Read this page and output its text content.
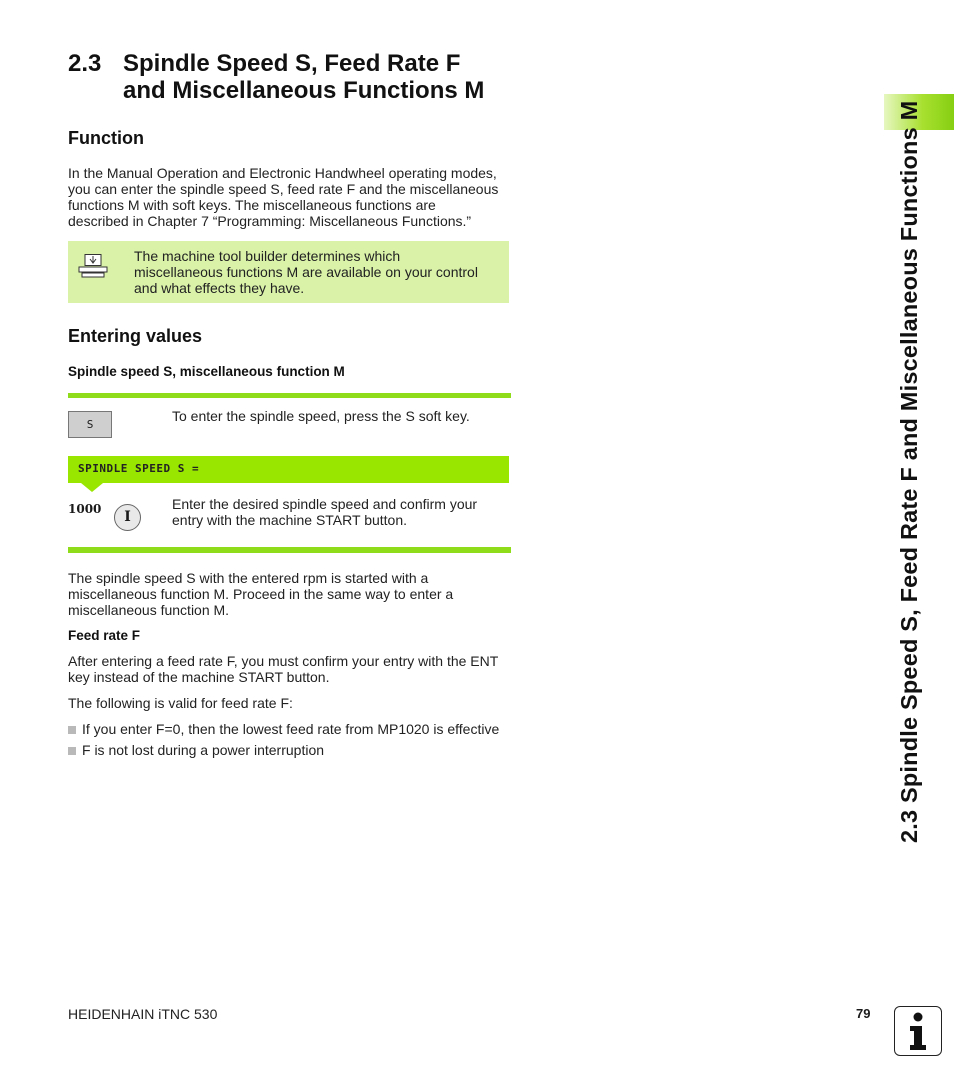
2.3 Spindle Speed S, Feed Rate F
and Miscellaneous Functions M
Function
In the Manual Operation and Electronic Handwheel operating modes,
you can enter the spindle speed S, feed rate F and the miscellaneous
functions M with soft keys. The miscellaneous functions are
described in Chapter 7 “Programming: Miscellaneous Functions.”
The machine tool builder determines which
miscellaneous functions M are available on your control
and what effects they have.
Entering values
Spindle speed S, miscellaneous function M
S
To enter the spindle speed, press the S soft key.
SPINDLE SPEED S =
1000	I
Enter the desired spindle speed and confirm your
entry with the machine START button.
The spindle speed S with the entered rpm is started with a
miscellaneous function M. Proceed in the same way to enter a
miscellaneous function M.
Feed rate F
After entering a feed rate F, you must confirm your entry with the ENT
key instead of the machine START button.
The following is valid for feed rate F:
If you enter F=0, then the lowest feed rate from MP1020 is effective
F is not lost during a power interruption	2.3 Spindle Speed S, Feed Rate F and Miscellaneous Functions M
HEIDENHAIN iTNC 530	79
